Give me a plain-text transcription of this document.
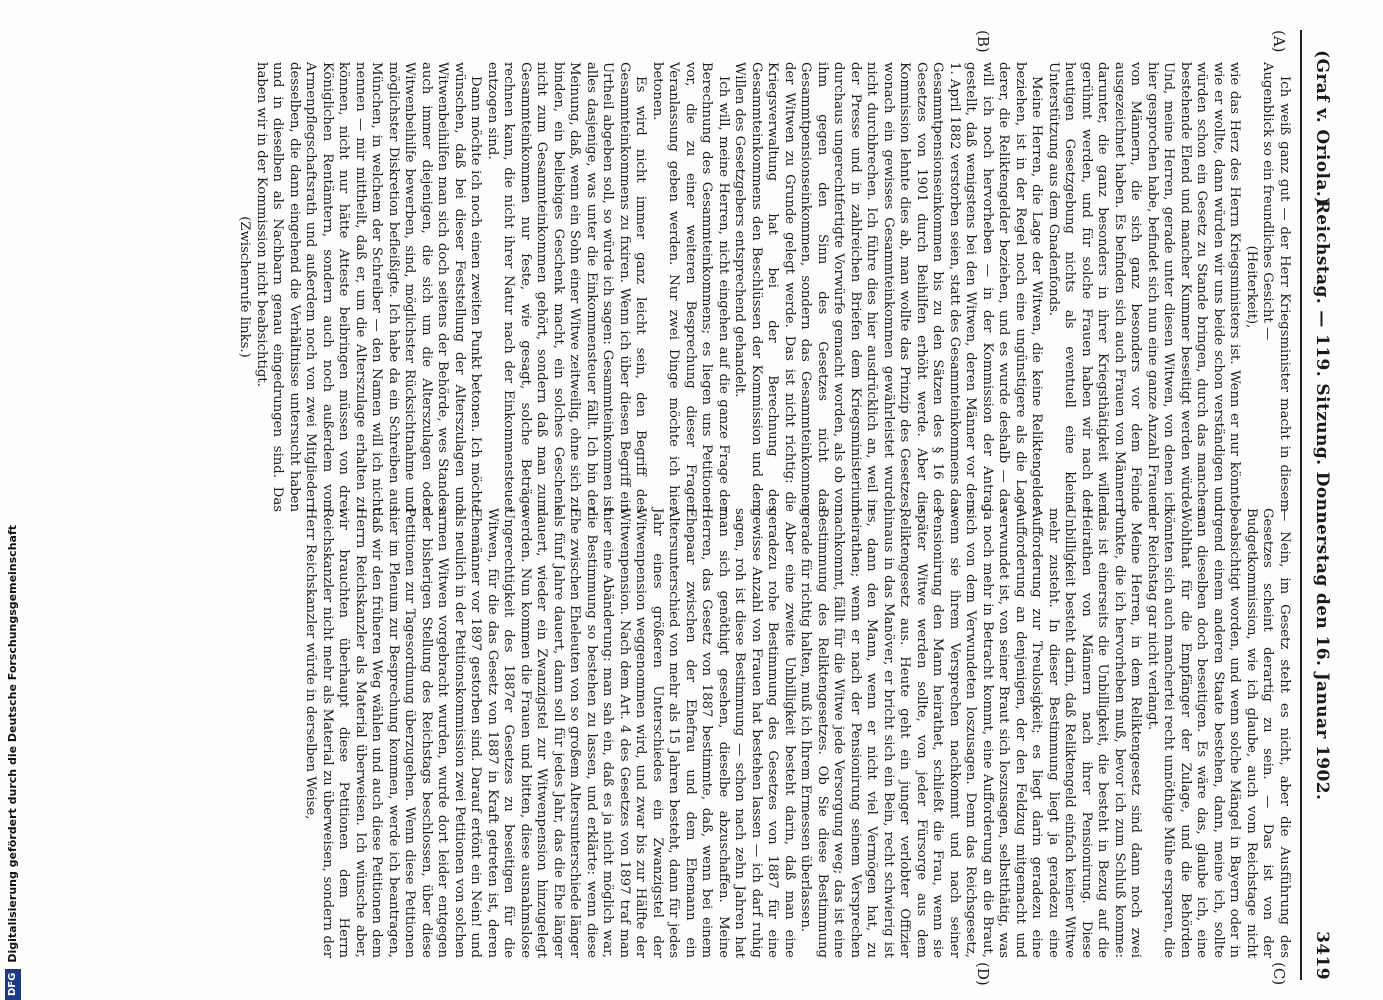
(Graf v. Oriola.)
Reichstag. — 119. Sitzung. Donnerstag den 16. Januar 1902.
3419
(A)
(B)
(C)
(D)

Ich weiß ganz gut — der Herr Kriegsminister macht in diesem Augenblick so ein freundliches Gesicht —

(Heiterkeit),

wie das Herz des Herrn Kriegsministers ist. Wenn er nur könnte, wie er wollte, dann würden wir uns beide schon verständigen und würden schon ein Gesetz zu Stande bringen, durch das manches bestehende Elend und mancher Kummer beseitigt werden würde. Und, meine Herren, gerade unter diesen Witwen, von denen ich hier gesprochen habe, befindet sich nun eine ganze Anzahl Frauen von Männern, die sich ganz besonders vor dem Feinde ausgezeichnet haben. Es befinden sich auch Frauen von Männern darunter, die ganz besonders in ihrer Kriegsthätigkeit willen gerühmt werden, und für solche Frauen haben wir nach der heutigen Gesetzgebung nichts als eventuell eine kleine Unterstützung aus dem Gnadenfonds.

Meine Herren, die Lage der Witwen, die keine Reliktengelder beziehen, ist in der Regel noch eine ungünstigere als die Lage derer, die Reliktengelder beziehen, und es wurde deshalb — das will ich noch hervorheben — in der Kommission der Antrag gestellt, daß wenigstens bei den Witwen, deren Männer vor dem 1. April 1882 verstorben seien, statt des Gesammteinkommens das Gesammtpensionseinkommen bis zu den Sätzen des § 16 des Gesetzes von 1901 durch Beihilfen erhöht werde. Aber die Kommission lehnte dies ab, man wollte das Prinzip des Gesetzes, wonach ein gewisses Gesammteinkommen gewährleistet wurde, nicht durchbrechen. Ich führe dies hier ausdrücklich an, weil in der Presse und in zahlreichen Briefen dem Kriegsministerium durchaus ungerechtfertigte Vorwürfe gemacht worden, als ob von ihm gegen den Sinn des Gesetzes nicht das Gesammtpensionseinkommen, sondern das Gesammteinkommen der Witwen zu Grunde gelegt werde. Das ist nicht richtig: die Kriegsverwaltung hat bei der Berechnung des Gesammteinkommens den Beschlüssen der Kommission und dem Willen des Gesetzgebers entsprechend gehandelt.

Ich will, meine Herren, nicht eingehen auf die ganze Frage der Berechnung des Gesammteinkommens; es liegen uns Petitionen vor, die zu einer weiteren Besprechung dieser Fragen Veranlassung geben werden. Nur zwei Dinge möchte ich hier betonen.

Es wird nicht immer ganz leicht sein, den Begriff des Gesammteinkommens zu fixiren. Wenn ich über diesen Begriff ein Urtheil abgeben soll, so würde ich sagen: Gesammteinkommen ist alles dasjenige, was unter die Einkommensteuer fällt. Ich bin der Meinung, daß, wenn ein Sohn einer Witwe zeitweilig, ohne sich zu binden, ein beliebiges Geschenk macht, ein solches Geschenk nicht zum Gesammteinkommen gehört, sondern daß man zum Gesammteinkommen nur feste, wie gesagt, solche Beträge rechnen kann, die nicht ihrer Natur nach der Einkommensteuer entzogen sind.

Dann möchte ich noch einen zweiten Punkt betonen. Ich möchte wünschen, daß bei dieser Feststellung der Alterszulagen und Witwenbeihilfen man sich doch seitens der Behörde, wes Standes auch immer diejenigen, die sich um die Alterszulagen oder Witwenbeihilfe bewerben, sind, möglichster Rücksichtnahme und möglichster Diskretion befleißigte. Ich habe da ein Schreiben aus München, in welchem der Schreiber — den Namen will ich nicht nennen — mir mittheilt, daß er, um die Alterszulage erhalten zu können, nicht nur hätte Atteste beibringen müssen von drei Königlichen Rentämtern, sondern auch noch außerdem vom Armenpflegschaftsrath und außerdem noch von zwei Mitgliedern desselben, die dann eingehend die Verhältnisse untersucht haben und in dieselben als Nachbarn genau eingedrungen sind. Das haben wir in der Kommission nicht beabsichtigt.

(Zwischenrufe links.)

— Nein, im Gesetz steht es nicht, aber die Ausführung des Gesetzes scheint derartig zu sein. — Das ist von der Budgetkommission, wie ich glaube, auch vom Reichstage nicht beabsichtigt worden, und wenn solche Mängel in Bayern oder in irgend einem anderen Staate bestehen, dann, meine ich, sollte man dieselben doch beseitigen. Es wäre das, glaube ich, eine Wohlthat für die Empfänger der Zulage, und die Behörden könnten sich auch manchertei recht unnöthige Mühe ersparen, die der Reichstag gar nicht verlangt.

Meine Herren, in dem Reliktengesetz sind dann noch zwei Punkte, die ich hervorheben muß, bevor ich zum Schluß komme: das ist einerseits die Unbilligkeit, die besteht in Bezug auf die Heirathen von Männern nach ihrer Pensionirung. Diese Unbilligkeit besteht darin, daß Reliktengeld einfach keiner Witwe mehr zusteht. In dieser Bestimmung liegt ja geradezu eine Aufforderung zur Treulosigkeit; es liegt darin geradezu eine Aufforderung an denjenigen, der den Feldzug mitgemacht und verwundet ist, von seiner Braut sich loszusagen, selbstthätig, was ja noch mehr in Betracht kommt, eine Aufforderung an die Braut, sich von dem Verwundeten loszusagen. Denn das Reichsgesetz, wenn sie ihrem Versprechen nachkommt und nach seiner Pensionirung den Mann heirathet, schließt die Frau, wenn sie später Witwe werden sollte, von jeder Fürsorge aus dem Reliktengesetz aus. Heute geht ein junger verlobter Offizier hinaus in das Manöver, er bricht sich ein Bein, recht schwierig ist es, dann den Mann, wenn er nicht viel Vermögen hat, zu heirathen; wenn er nach der Pensionirung seinem Versprechen nachkommt, fällt für die Witwe jede Versorgung weg; das ist eine Bestimmung des Reliktengesetzes. Ob Sie diese Bestimmung gerade für richtig halten, muß ich Ihrem Ermessen überlassen.

Aber eine zweite Unbilligkeit besteht darin, daß man eine geradezu rohe Bestimmung des Gesetzes von 1887 für eine gewisse Anzahl von Frauen hat bestehen lassen — ich darf ruhig sagen, roh ist diese Bestimmung — schon nach zehn Jahren hat man sich genöthigt gesehen, dieselbe abzuschaffen. Meine Herren, das Gesetz von 1887 bestimmte, daß, wenn bei einem Ehepaar zwischen der Ehefrau und dem Ehemann ein Altersunterschied von mehr als 15 Jahren besteht, dann für jedes Jahr eines größeren Unterschiedes ein Zwanzigstel der Witwenpension weggenommen wird, und zwar bis zur Hälfte der Witwenpension. Nach dem Art. 4 des Gesetzes von 1897 traf man hier eine Abänderung: man sah ein, daß es ja nicht möglich war, die Bestimmung so bestehen zu lassen, und erklärte: wenn diese Ehe zwischen Eheleuten von so großem Altersunterschiede länger als fünf Jahre dauert, dann soll für jedes Jahr, das die Ehe länger dauert, wieder ein Zwanzigstel zur Witwenpension hinzugelegt werden. Nun kommen die Frauen und bitten, diese ausnahmslose Ungerechtigkeit des 1887er Gesetzes zu beseitigen für die Witwen, für die das Gesetz von 1887 in Kraft getreten ist, deren Ehemänner vor 1897 gestorben sind. Darauf ertönt ein Nein! und als neulich in der Petitionskommission zwei Petitionen von solchen armen Witwen vorgebracht wurden, wurde dort leider entgegen der bisherigen Stellung des Reichstags beschlossen, über diese Petitionen zur Tagesordnung überzugehen. Wenn diese Petitionen hier im Plenum zur Besprechung kommen, werde ich beantragen, daß wir den früheren Weg wählen und auch diese Petitionen dem Herrn Reichskanzler als Material überweisen. Ich wünsche aber, wir brauchten überhaupt diese Petitionen dem Herrn Reichskanzler nicht mehr als Material zu überweisen, sondern der Herr Reichskanzler würde in derselben Weise,

DFGDigitalisierung gefördert durch die Deutsche Forschungsgemeinschaft
